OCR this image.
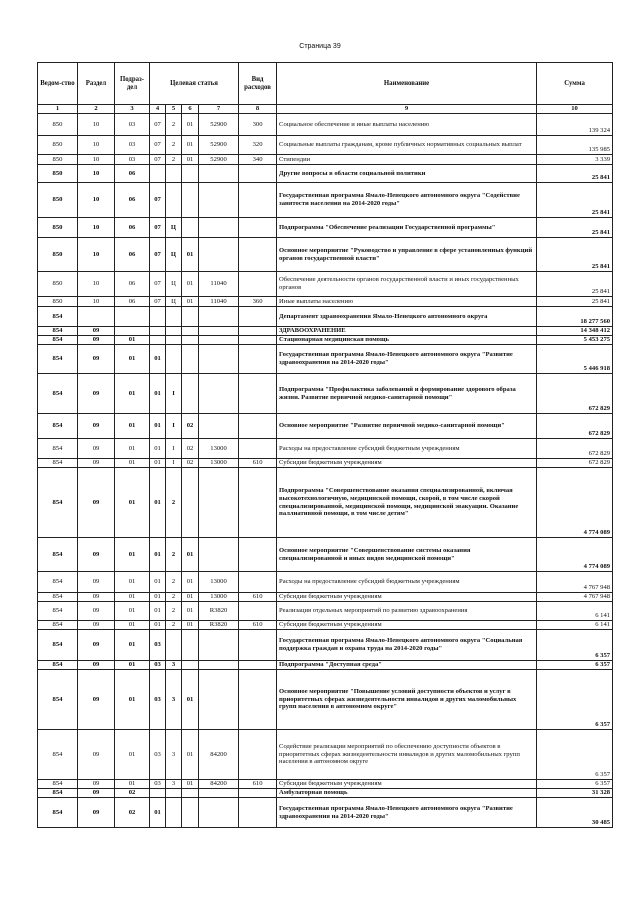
Страница 39
Ведом-ство	Раздел	Подраз-дел	Целевая статья				Вид расходов	Наименование	Сумма
1	2	3	4	5	6	7	8	9	10
850	10	03	07	2	01	52900	300	Социальное обеспечение и иные выплаты населению	139 324
850	10	03	07	2	01	52900	320	Социальные выплаты гражданам, кроме публичных нормативных социальных выплат	135 985
850	10	03	07	2	01	52900	340	Стипендии	3 339
850	10	06						Другие вопросы в области социальной политики	25 841
850	10	06	07					Государственная программа Ямало-Ненецкого автономного округа "Содействие занятости населения на 2014-2020 годы"	25 841
850	10	06	07	Ц				Подпрограмма "Обеспечение реализации Государственной программы"	25 841
850	10	06	07	Ц	01			Основное мероприятие "Руководство и управление в сфере установленных функций органов государственной власти"	25 841
850	10	06	07	Ц	01	11040		Обеспечение деятельности органов государственной власти и иных государственных органов	25 841
850	10	06	07	Ц	01	11040	360	Иные выплаты населению	25 841
854								Департамент здравоохранения Ямало-Ненецкого автономного округа	18 277 560
854	09							ЗДРАВООХРАНЕНИЕ	14 348 412
854	09	01						Стационарная медицинская помощь	5 453 275
854	09	01	01					Государственная программа Ямало-Ненецкого автономного округа "Развитие здравоохранения на 2014-2020 годы"	5 446 918
854	09	01	01	I				Подпрограмма "Профилактика заболеваний и формирование здорового образа жизни. Развитие первичной медико-санитарной помощи"	672 829
854	09	01	01	I	02			Основное мероприятие "Развитие первичной медико-санитарной помощи"	672 829
854	09	01	01	I	02	13000		Расходы на предоставление субсидий бюджетным учреждениям	672 829
854	09	01	01	I	02	13000	610	Субсидии бюджетным учреждениям	672 829
854	09	01	01	2				Подпрограмма "Совершенствование оказания специализированной, включая высокотехнологичную, медицинской помощи, скорой, в том числе скорой специализированной, медицинской помощи, медицинской эвакуации. Оказание паллиативной помощи, в том числе детям"	4 774 089
854	09	01	01	2	01			Основное мероприятие "Совершенствование системы оказания специализированной и иных видов медицинской помощи"	4 774 089
854	09	01	01	2	01	13000		Расходы на предоставление субсидий бюджетным учреждениям	4 767 948
854	09	01	01	2	01	13000	610	Субсидии бюджетным учреждениям	4 767 948
854	09	01	01	2	01	R3820		Реализация отдельных мероприятий по развитию здравоохранения	6 141
854	09	01	01	2	01	R3820	610	Субсидии бюджетным учреждениям	6 141
854	09	01	03					Государственная программа Ямало-Ненецкого автономного округа "Социальная поддержка граждан и охрана труда на 2014-2020 годы"	6 357
854	09	01	03	3				Подпрограмма "Доступная среда"	6 357
854	09	01	03	3	01			Основное мероприятие "Повышение условий доступности объектов и услуг в приоритетных сферах жизнедеятельности инвалидов и других маломобильных групп населения в автономном округе"	6 357
854	09	01	03	3	01	84200		Содействие реализации мероприятий по обеспечению доступности объектов в приоритетных сферах жизнедеятельности инвалидов и других маломобильных групп населения в автономном округе	6 357
854	09	01	03	3	01	84200	610	Субсидии бюджетным учреждениям	6 357
854	09	02						Амбулаторная помощь	31 328
854	09	02	01					Государственная программа Ямало-Ненецкого автономного округа "Развитие здравоохранения на 2014-2020 годы"	30 485
